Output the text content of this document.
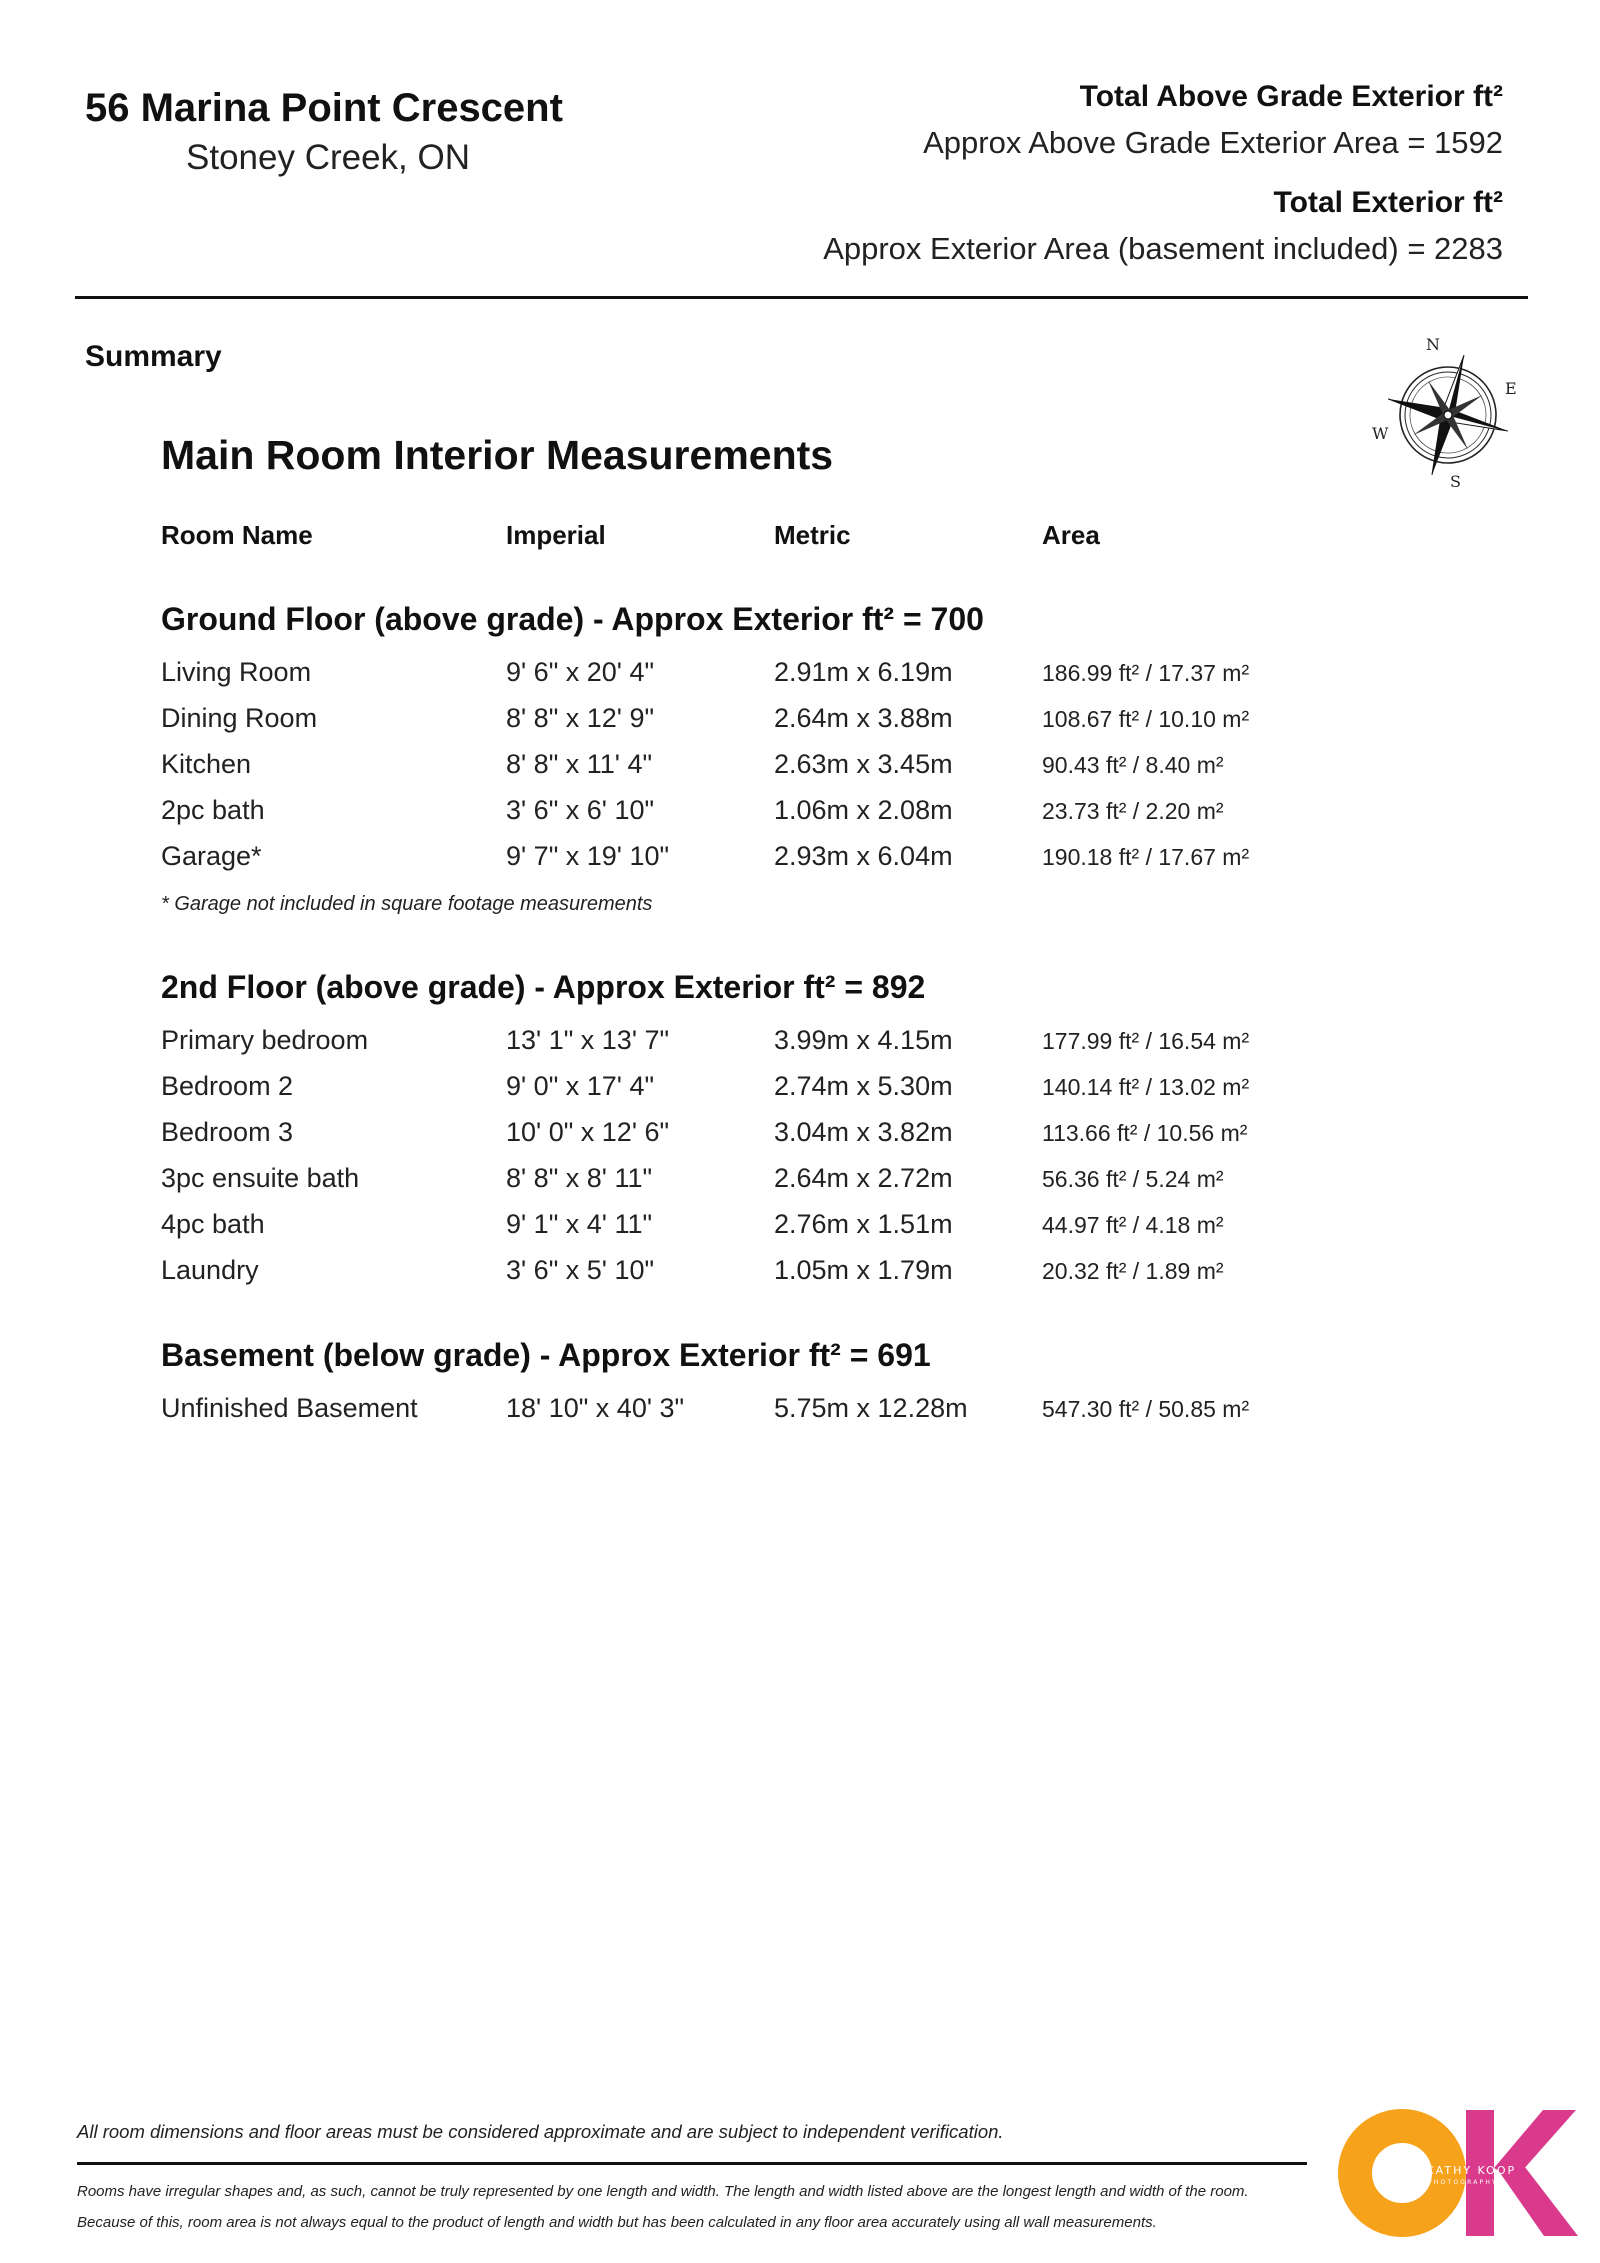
56 Marina Point Crescent
Stoney Creek, ON
Total Above Grade Exterior ft²
Approx Above Grade Exterior Area = 1592
Total Exterior ft²
Approx Exterior Area (basement included) = 2283
Summary	N
E
S
W
Main Room Interior Measurements
Room Name	Imperial	Metric	Area
Ground Floor (above grade) - Approx Exterior ft² = 700
Living Room	9' 6" x 20' 4"	2.91m x 6.19m	186.99 ft² / 17.37 m²
Dining Room	8' 8" x 12' 9"	2.64m x 3.88m	108.67 ft² / 10.10 m²
Kitchen	8' 8" x 11' 4"	2.63m x 3.45m	90.43 ft² / 8.40 m²
2pc bath	3' 6" x 6' 10"	1.06m x 2.08m	23.73 ft² / 2.20 m²
Garage*	9' 7" x 19' 10"	2.93m x 6.04m	190.18 ft² / 17.67 m²
* Garage not included in square footage measurements
2nd Floor (above grade) - Approx Exterior ft² = 892
Primary bedroom	13' 1" x 13' 7"	3.99m x 4.15m	177.99 ft² / 16.54 m²
Bedroom 2	9' 0" x 17' 4"	2.74m x 5.30m	140.14 ft² / 13.02 m²
Bedroom 3	10' 0" x 12' 6"	3.04m x 3.82m	113.66 ft² / 10.56 m²
3pc ensuite bath	8' 8" x 8' 11"	2.64m x 2.72m	56.36 ft² / 5.24 m²
4pc bath	9' 1" x 4' 11"	2.76m x 1.51m	44.97 ft² / 4.18 m²
Laundry	3' 6" x 5' 10"	1.05m x 1.79m	20.32 ft² / 1.89 m²
Basement (below grade) - Approx Exterior ft² = 691
Unfinished Basement	18' 10" x 40' 3"	5.75m x 12.28m	547.30 ft² / 50.85 m²
All room dimensions and floor areas must be considered approximate and are subject to independent verification.
Rooms have irregular shapes and, as such, cannot be truly represented by one length and width. The length and width listed above are the longest length and width of the room.
Because of this, room area is not always equal to the product of length and width but has been calculated in any floor area accurately using all wall measurements.
CATHY KOOP
PHOTOGRAPHY
